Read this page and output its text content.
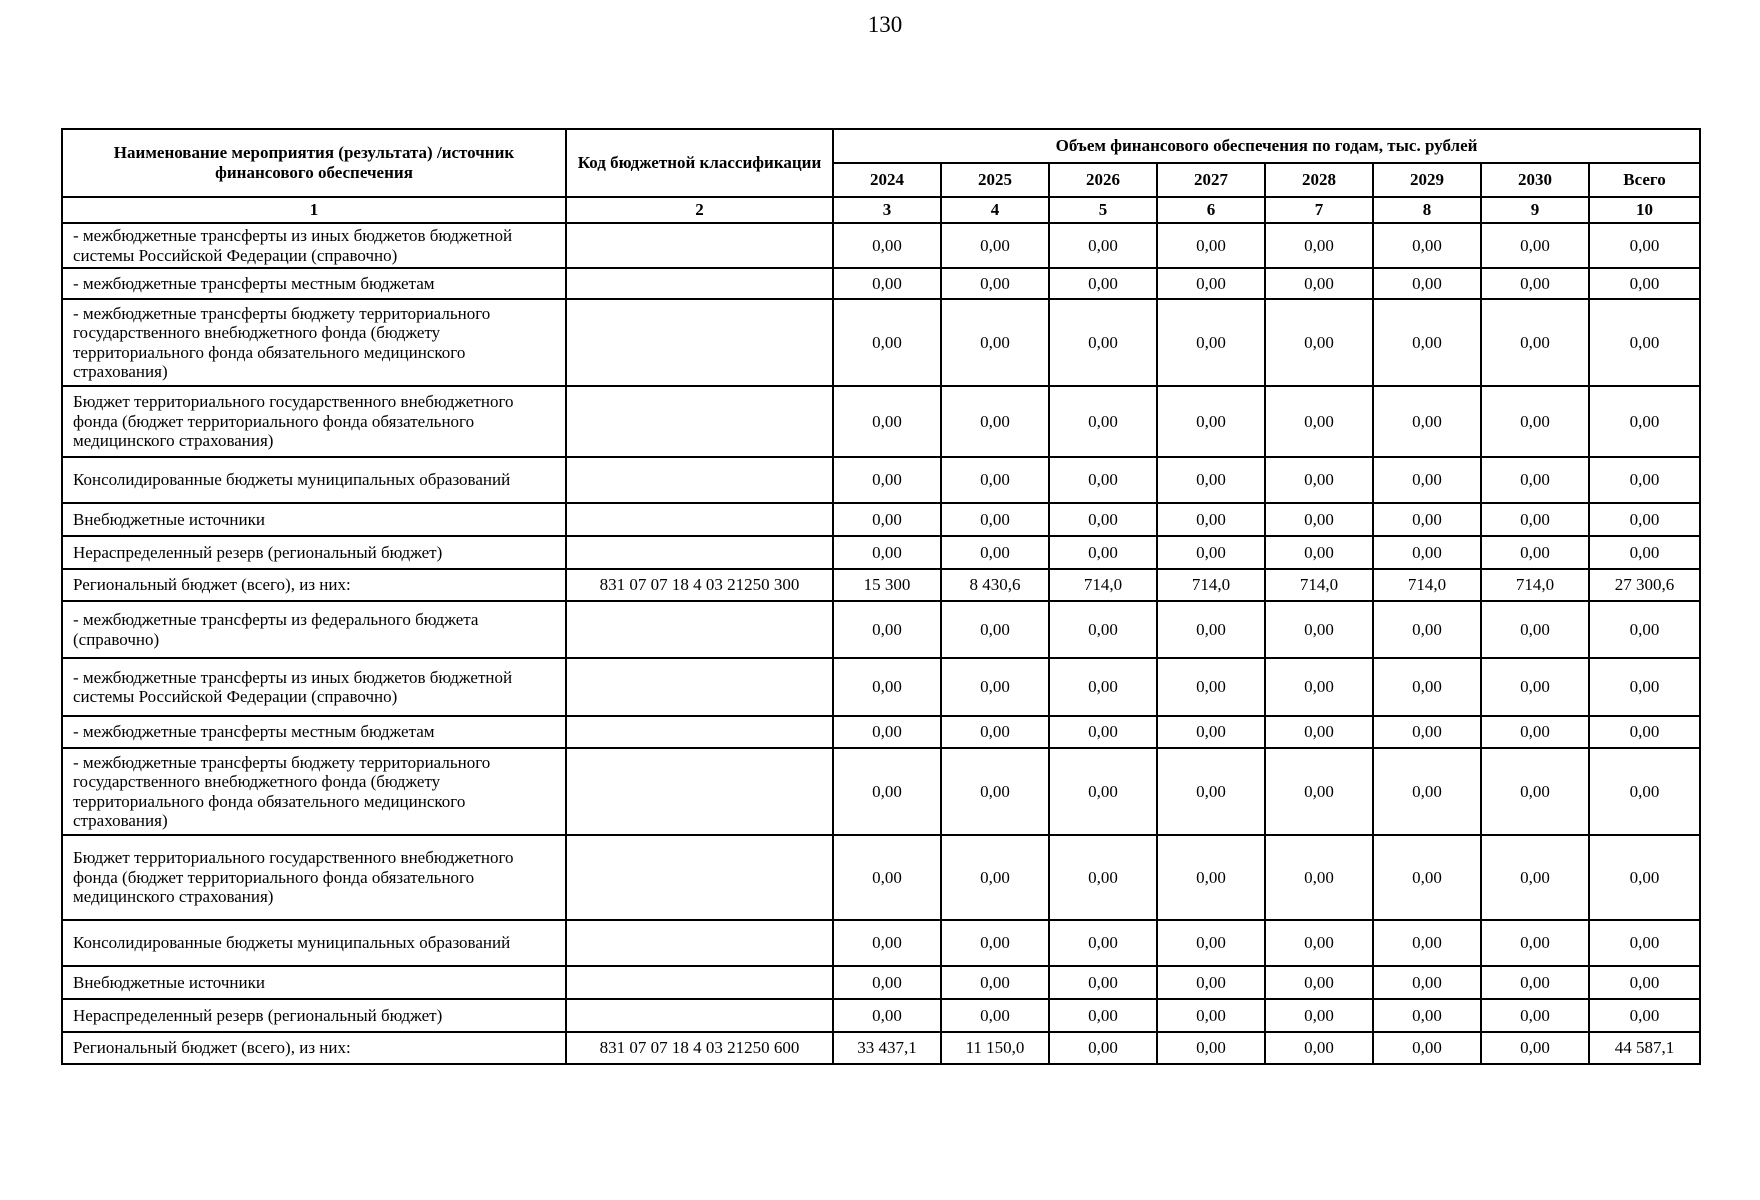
130
Наименование мероприятия (результата) /источник финансового обеспечения	Код бюджетной классификации	Объем финансового обеспечения по годам, тыс. рублей							
		2024	2025	2026	2027	2028	2029	2030	Всего
1	2	3	4	5	6	7	8	9	10
- межбюджетные трансферты из иных бюджетов бюджетной системы Российской Федерации (справочно)		0,00	0,00	0,00	0,00	0,00	0,00	0,00	0,00
- межбюджетные трансферты местным бюджетам		0,00	0,00	0,00	0,00	0,00	0,00	0,00	0,00
- межбюджетные трансферты бюджету территориального государственного внебюджетного фонда (бюджету территориального фонда обязательного медицинского страхования)		0,00	0,00	0,00	0,00	0,00	0,00	0,00	0,00
Бюджет территориального государственного внебюджетного фонда (бюджет территориального фонда обязательного медицинского страхования)		0,00	0,00	0,00	0,00	0,00	0,00	0,00	0,00
Консолидированные бюджеты муниципальных образований		0,00	0,00	0,00	0,00	0,00	0,00	0,00	0,00
Внебюджетные источники		0,00	0,00	0,00	0,00	0,00	0,00	0,00	0,00
Нераспределенный резерв (региональный бюджет)		0,00	0,00	0,00	0,00	0,00	0,00	0,00	0,00
Региональный бюджет (всего), из них:	831 07 07 18 4 03 21250 300	15 300	8 430,6	714,0	714,0	714,0	714,0	714,0	27 300,6
- межбюджетные трансферты из федерального бюджета (справочно)		0,00	0,00	0,00	0,00	0,00	0,00	0,00	0,00
- межбюджетные трансферты из иных бюджетов бюджетной системы Российской Федерации (справочно)		0,00	0,00	0,00	0,00	0,00	0,00	0,00	0,00
- межбюджетные трансферты местным бюджетам		0,00	0,00	0,00	0,00	0,00	0,00	0,00	0,00
- межбюджетные трансферты бюджету территориального государственного внебюджетного фонда (бюджету территориального фонда обязательного медицинского страхования)		0,00	0,00	0,00	0,00	0,00	0,00	0,00	0,00
Бюджет территориального государственного внебюджетного фонда (бюджет территориального фонда обязательного медицинского страхования)		0,00	0,00	0,00	0,00	0,00	0,00	0,00	0,00
Консолидированные бюджеты муниципальных образований		0,00	0,00	0,00	0,00	0,00	0,00	0,00	0,00
Внебюджетные источники		0,00	0,00	0,00	0,00	0,00	0,00	0,00	0,00
Нераспределенный резерв (региональный бюджет)		0,00	0,00	0,00	0,00	0,00	0,00	0,00	0,00
Региональный бюджет (всего), из них:	831 07 07 18 4 03 21250 600	33 437,1	11 150,0	0,00	0,00	0,00	0,00	0,00	44 587,1
